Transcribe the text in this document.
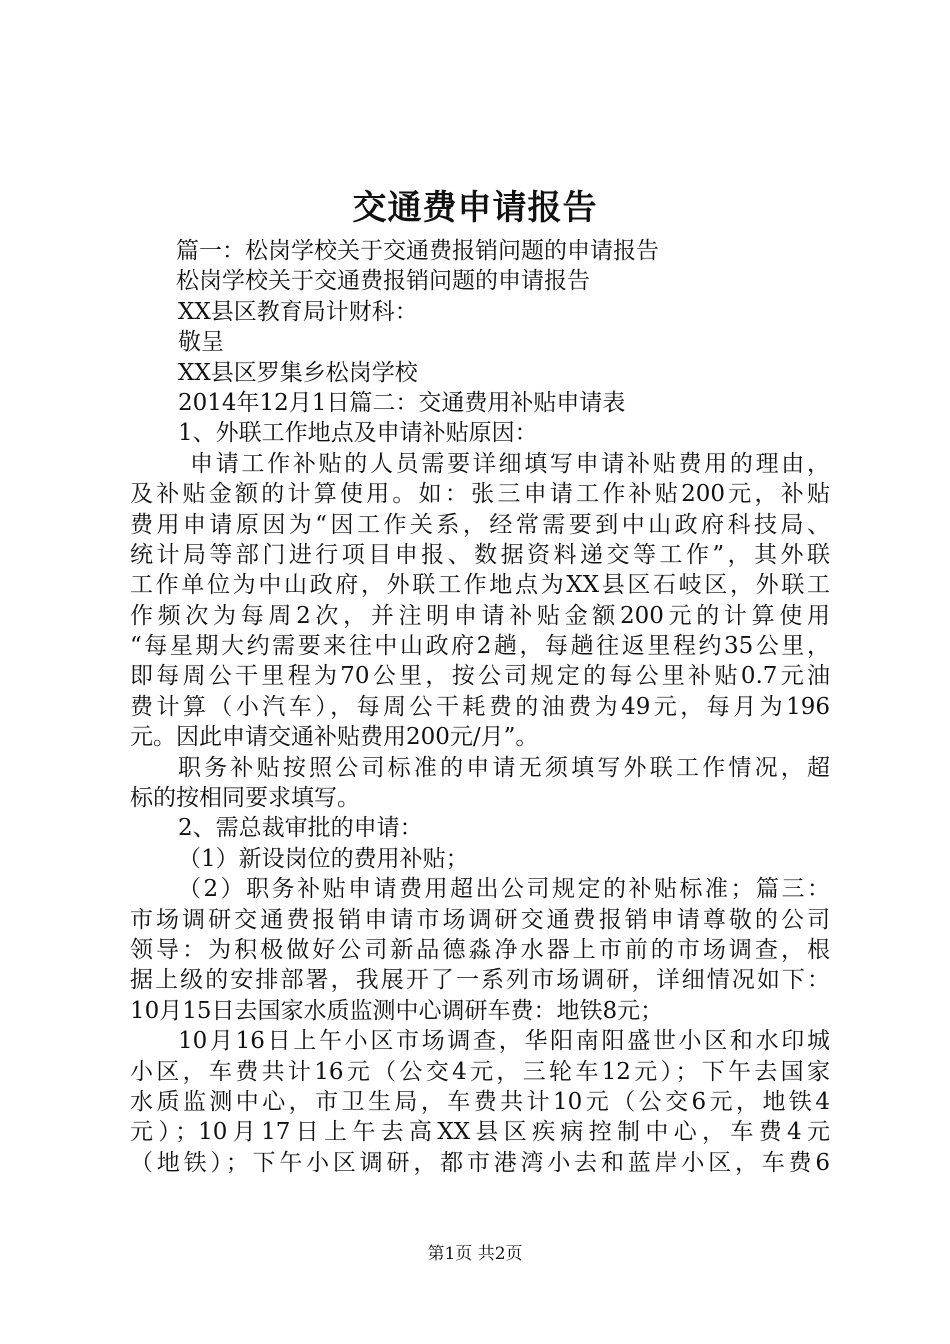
交通费申请报告
篇一：松岗学校关于交通费报销问题的申请报告
松岗学校关于交通费报销问题的申请报告
XX县区教育局计财科：
敬呈
XX县区罗集乡松岗学校
2014年12月1日篇二：交通费用补贴申请表
1、外联工作地点及申请补贴原因：
申请工作补贴的人员需要详细填写申请补贴费用的理由，
及补贴金额的计算使用。如：张三申请工作补贴200元，补贴
费用申请原因为“因工作关系，经常需要到中山政府科技局、
统计局等部门进行项目申报、数据资料递交等工作”，其外联
工作单位为中山政府，外联工作地点为XX县区石岐区，外联工
作频次为每周2次，并注明申请补贴金额200元的计算使用
“每星期大约需要来往中山政府2趟，每趟往返里程约35公里，
即每周公干里程为70公里，按公司规定的每公里补贴0.7元油
费计算（小汽车），每周公干耗费的油费为49元，每月为196
元。因此申请交通补贴费用200元/月”。
职务补贴按照公司标准的申请无须填写外联工作情况，超
标的按相同要求填写。
2、需总裁审批的申请：
（1）新设岗位的费用补贴；
（2）职务补贴申请费用超出公司规定的补贴标准；篇三：
市场调研交通费报销申请市场调研交通费报销申请尊敬的公司
领导：为积极做好公司新品德淼净水器上市前的市场调查，根
据上级的安排部署，我展开了一系列市场调研，详细情况如下：
10月15日去国家水质监测中心调研车费：地铁8元；
10月16日上午小区市场调查，华阳南阳盛世小区和水印城
小区，车费共计16元（公交4元，三轮车12元）；下午去国家
水质监测中心，市卫生局，车费共计10元（公交6元，地铁4
元）；10月17日上午去高XX县区疾病控制中心，车费4元
（地铁）；下午小区调研，都市港湾小去和蓝岸小区，车费6
第1页 共2页
